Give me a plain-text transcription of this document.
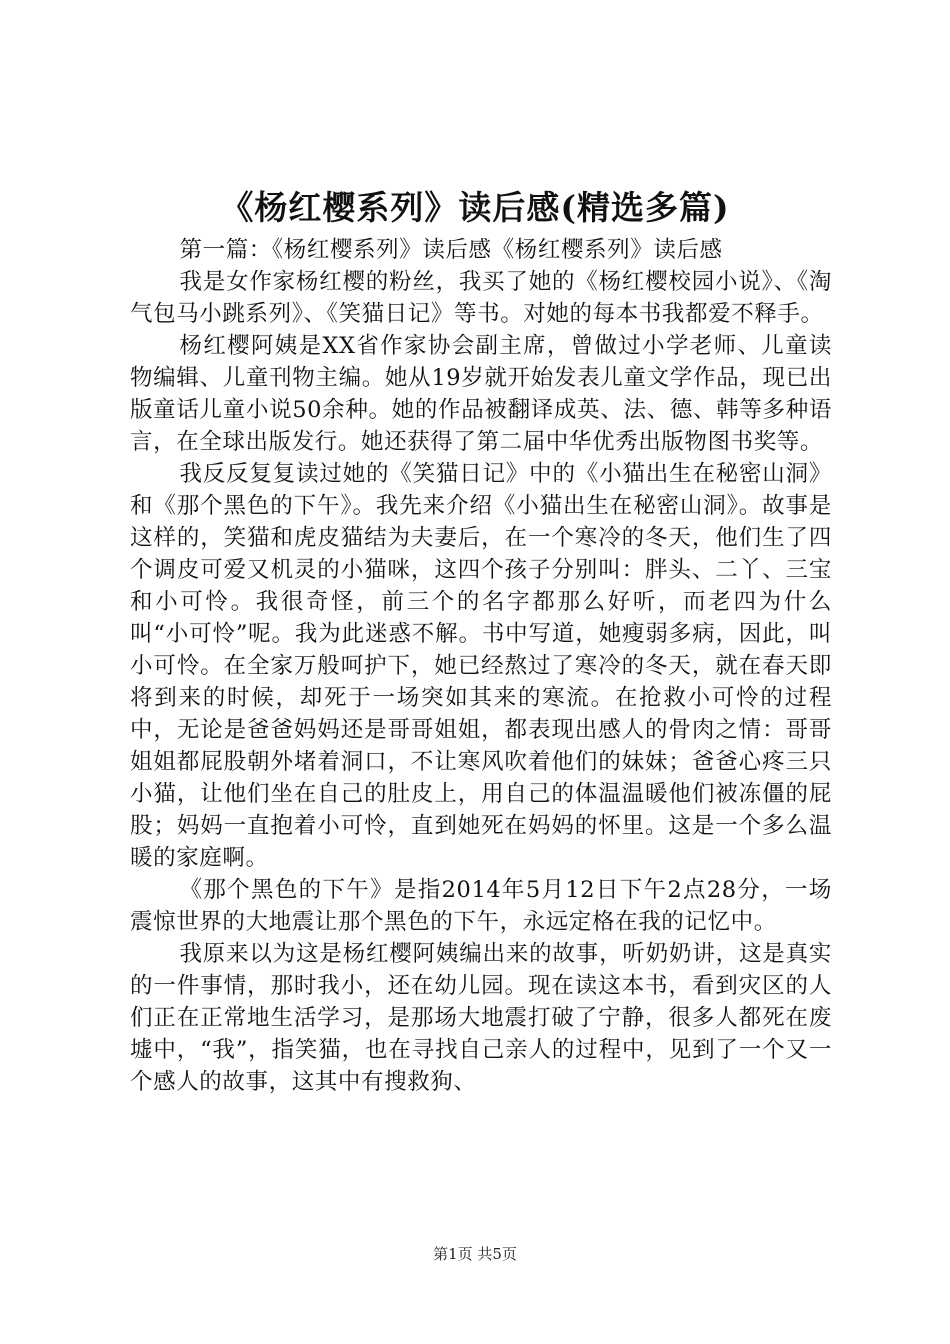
《杨红樱系列》读后感(精选多篇)

第一篇：《杨红樱系列》读后感《杨红樱系列》读后感

我是女作家杨红樱的粉丝，我买了她的《杨红樱校园小说》、《淘气包马小跳系列》、《笑猫日记》等书。对她的每本书我都爱不释手。

杨红樱阿姨是XX省作家协会副主席，曾做过小学老师、儿童读物编辑、儿童刊物主编。她从19岁就开始发表儿童文学作品，现已出版童话儿童小说50余种。她的作品被翻译成英、法、德、韩等多种语言，在全球出版发行。她还获得了第二届中华优秀出版物图书奖等。

我反反复复读过她的《笑猫日记》中的《小猫出生在秘密山洞》和《那个黑色的下午》。我先来介绍《小猫出生在秘密山洞》。故事是这样的，笑猫和虎皮猫结为夫妻后，在一个寒冷的冬天，他们生了四个调皮可爱又机灵的小猫咪，这四个孩子分别叫：胖头、二丫、三宝和小可怜。我很奇怪，前三个的名字都那么好听，而老四为什么叫“小可怜”呢。我为此迷惑不解。书中写道，她瘦弱多病，因此，叫小可怜。在全家万般呵护下，她已经熬过了寒冷的冬天，就在春天即将到来的时候，却死于一场突如其来的寒流。在抢救小可怜的过程中，无论是爸爸妈妈还是哥哥姐姐，都表现出感人的骨肉之情：哥哥姐姐都屁股朝外堵着洞口，不让寒风吹着他们的妹妹；爸爸心疼三只小猫，让他们坐在自己的肚皮上，用自己的体温温暖他们被冻僵的屁股；妈妈一直抱着小可怜，直到她死在妈妈的怀里。这是一个多么温暖的家庭啊。

《那个黑色的下午》是指2014年5月12日下午2点28分，一场震惊世界的大地震让那个黑色的下午，永远定格在我的记忆中。

我原来以为这是杨红樱阿姨编出来的故事，听奶奶讲，这是真实的一件事情，那时我小，还在幼儿园。现在读这本书，看到灾区的人们正在正常地生活学习，是那场大地震打破了宁静，很多人都死在废墟中，“我”，指笑猫，也在寻找自己亲人的过程中，见到了一个又一个感人的故事，这其中有搜救狗、

第1页 共5页
